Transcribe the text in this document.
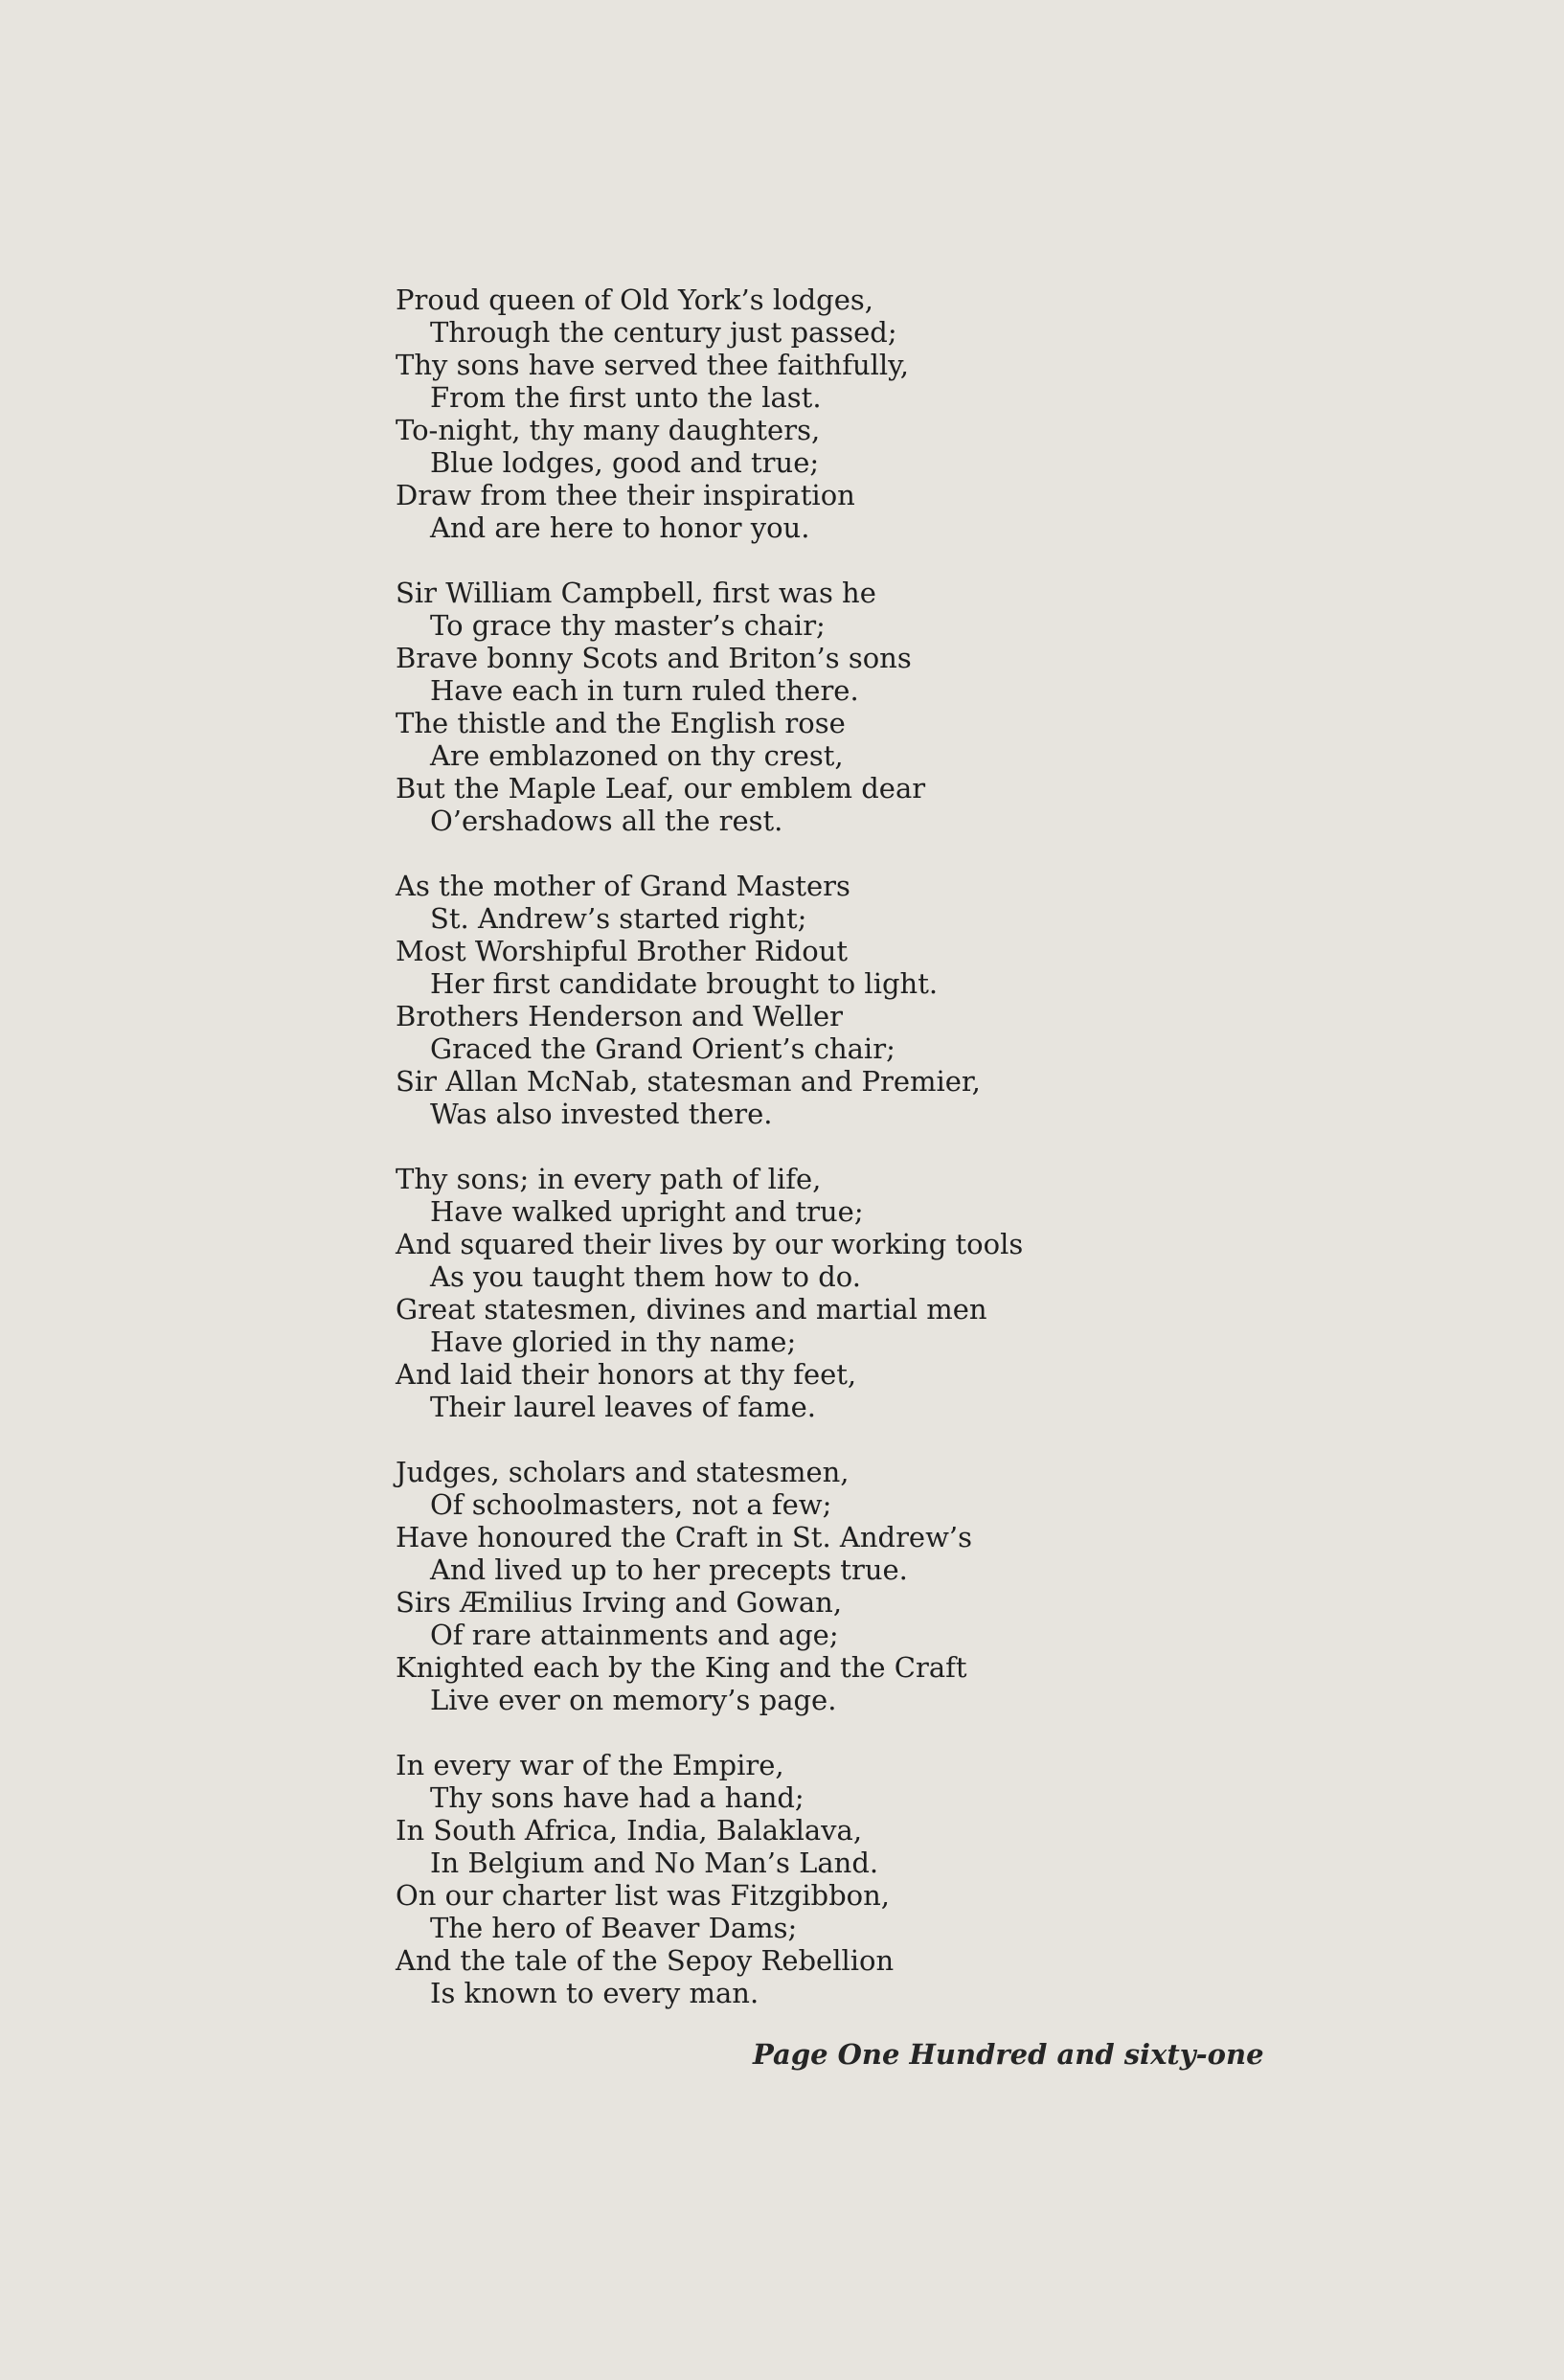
Proud queen of Old York’s lodges,
Through the century just passed;
Thy sons have served thee faithfully,
From the first unto the last.
To-night, thy many daughters,
Blue lodges, good and true;
Draw from thee their inspiration
And are here to honor you.
Sir William Campbell, first was he
To grace thy master’s chair;
Brave bonny Scots and Briton’s sons
Have each in turn ruled there.
The thistle and the English rose
Are emblazoned on thy crest,
But the Maple Leaf, our emblem dear
O’ershadows all the rest.
As the mother of Grand Masters
St. Andrew’s started right;
Most Worshipful Brother Ridout
Her first candidate brought to light.
Brothers Henderson and Weller
Graced the Grand Orient’s chair;
Sir Allan McNab, statesman and Premier,
Was also invested there.
Thy sons; in every path of life,
Have walked upright and true;
And squared their lives by our working tools
As you taught them how to do.
Great statesmen, divines and martial men
Have gloried in thy name;
And laid their honors at thy feet,
Their laurel leaves of fame.
Judges, scholars and statesmen,
Of schoolmasters, not a few;
Have honoured the Craft in St. Andrew’s
And lived up to her precepts true.
Sirs Æmilius Irving and Gowan,
Of rare attainments and age;
Knighted each by the King and the Craft
Live ever on memory’s page.
In every war of the Empire,
Thy sons have had a hand;
In South Africa, India, Balaklava,
In Belgium and No Man’s Land.
On our charter list was Fitzgibbon,
The hero of Beaver Dams;
And the tale of the Sepoy Rebellion
Is known to every man.
Page One Hundred and sixty-one
